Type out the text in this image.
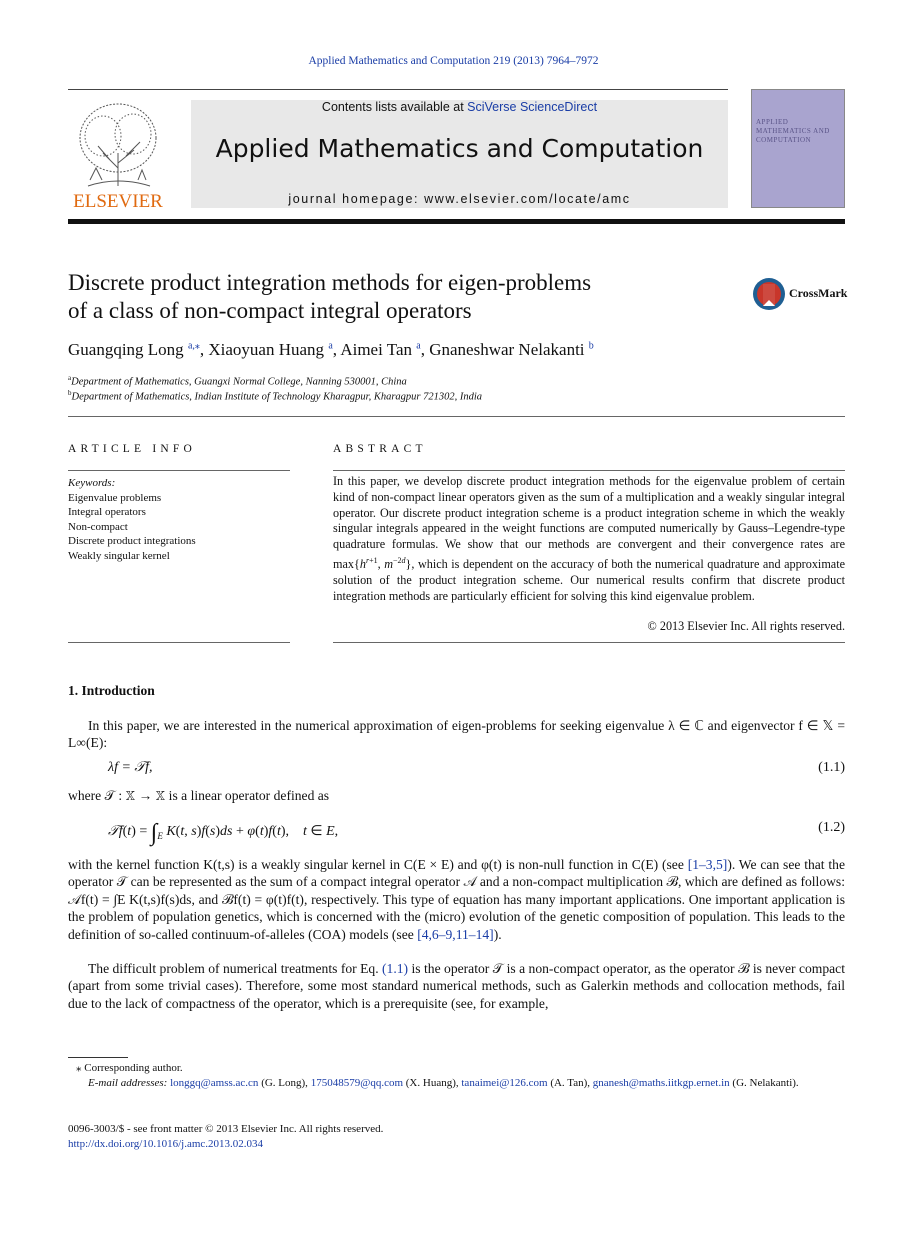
Applied Mathematics and Computation 219 (2013) 7964–7972
ELSEVIER
Contents lists available at SciVerse ScienceDirect
Applied Mathematics and Computation
journal homepage: www.elsevier.com/locate/amc
APPLIED MATHEMATICS AND COMPUTATION
Discrete product integration methods for eigen-problems
of a class of non-compact integral operators
CrossMark
Guangqing Long $^{a,⁎}$, Xiaoyuan Huang $^a$, Aimei Tan $^a$, Gnaneshwar Nelakanti $^b$
$^a$Department of Mathematics, Guangxi Normal College, Nanning 530001, China
$^b$Department of Mathematics, Indian Institute of Technology Kharagpur, Kharagpur 721302, India
ARTICLE INFO	ABSTRACT
Keywords:
Eigenvalue problems
Integral operators
Non-compact
Discrete product integrations
Weakly singular kernel
In this paper, we develop discrete product integration methods for the eigenvalue problem of certain kind of non-compact linear operators given as the sum of a multiplication and a weakly singular integral operator. Our discrete product integration scheme is a product integration scheme in which the weakly singular integrals appeared in the weight functions are computed numerically by Gauss–Legendre-type quadrature formulas. We show that our methods are convergent and their convergence rates are $\max\{h^{r+1}$, $m^{-2d}$}, which is dependent on the accuracy of both the numerical quadrature and approximate solution of the product integration scheme. Our numerical results confirm that discrete product integration methods are particularly efficient for solving this kind eigenvalue problem.
© 2013 Elsevier Inc. All rights reserved.
1. Introduction
In this paper, we are interested in the numerical approximation of eigen-problems for seeking eigenvalue λ ∈ ℂ and eigenvector f ∈ 𝕏 = L∞(E):
λf = 𝒯f,	(1.1)
where 𝒯 : 𝕏 → 𝕏 is a linear operator defined as
𝒯f(t) = $\int_E$ K(t, s)f(s)ds + φ(t)f(t),    t ∈ E,	(1.2)
with the kernel function K(t,s) is a weakly singular kernel in C(E × E) and φ(t) is non-null function in C(E) (see [1–3,5]). We can see that the operator 𝒯 can be represented as the sum of a compact integral operator 𝒜 and a non-compact multiplication ℬ, which are defined as follows: 𝒜f(t) = ∫E K(t,s)f(s)ds, and ℬf(t) = φ(t)f(t), respectively. This type of equation has many important applications. One important application is the problem of population genetics, which is concerned with the (micro) evolution of the genetic composition of population. This leads to the definition of so-called continuum-of-alleles (COA) models (see [4,6–9,11–14]).
The difficult problem of numerical treatments for Eq. (1.1) is the operator 𝒯 is a non-compact operator, as the operator ℬ is never compact (apart from some trivial cases). Therefore, some most standard numerical methods, such as Galerkin methods and collocation methods, fail due to the lack of compactness of the operator, which is a prerequisite (see, for example,
⁎ Corresponding author.
E-mail addresses: longgq@amss.ac.cn (G. Long), 175048579@qq.com (X. Huang), tanaimei@126.com (A. Tan), gnanesh@maths.iitkgp.ernet.in (G. Nelakanti).
0096-3003/$ - see front matter © 2013 Elsevier Inc. All rights reserved.
http://dx.doi.org/10.1016/j.amc.2013.02.034
